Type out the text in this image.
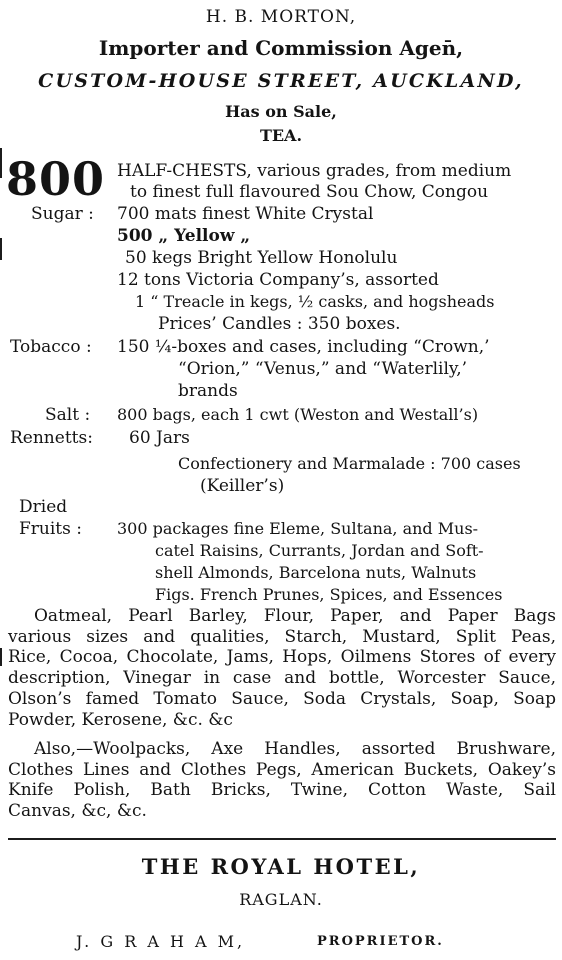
H. B. MORTON,
Importer and Commission Agen̄,
CUSTOM-HOUSE STREET, AUCKLAND,
Has on Sale,
TEA.
800 HALF-CHESTS, various grades, from medium
to finest full flavoured Sou Chow, Congou
Sugar : 700 mats finest White Crystal
500 „ Yellow „
50 kegs Bright Yellow Honolulu
12 tons Victoria Company’s, assorted
1 “ Treacle in kegs, ½ casks, and hogsheads
Prices’ Candles : 350 boxes.
Tobacco : 150 ¼-boxes and cases, including “Crown,’
“Orion,” “Venus,” and “Waterlily,’
brands
Salt : 800 bags, each 1 cwt (Weston and Westall’s)
Rennetts: 60 Jars
Confectionery and Marmalade : 700 cases
(Keiller’s)
Dried
Fruits : 300 packages fine Eleme, Sultana, and Mus-
catel Raisins, Currants, Jordan and Soft-
shell Almonds, Barcelona nuts, Walnuts
Figs. French Prunes, Spices, and Essences
Oatmeal, Pearl Barley, Flour, Paper, and Paper Bags
various sizes and qualities, Starch, Mustard, Split Peas,
Rice, Cocoa, Chocolate, Jams, Hops, Oilmens Stores of every
description, Vinegar in case and bottle, Worcester Sauce,
Olson’s famed Tomato Sauce, Soda Crystals, Soap, Soap
Powder, Kerosene, &c. &c
Also,—Woolpacks, Axe Handles, assorted Brushware,
Clothes Lines and Clothes Pegs, American Buckets, Oakey’s
Knife Polish, Bath Bricks, Twine, Cotton Waste, Sail
Canvas, &c, &c.
THE ROYAL HOTEL,
RAGLAN.
J. G R A H A M,	PROPRIETOR.
